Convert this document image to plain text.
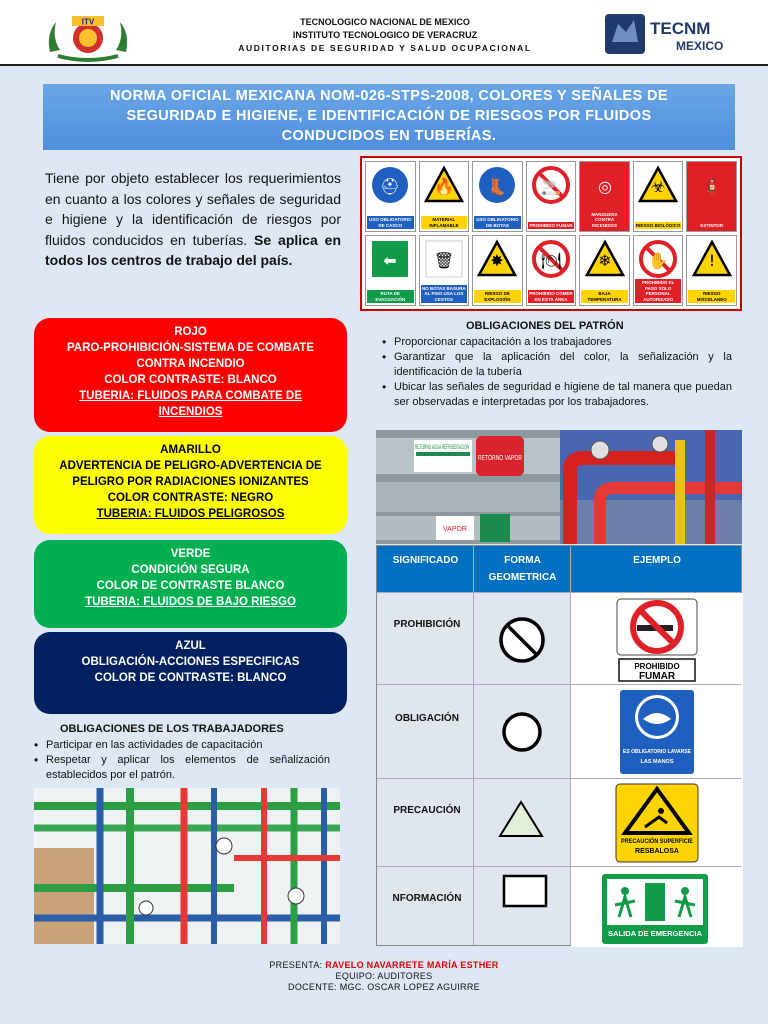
ITV	TECNOLOGICO NACIONAL DE MEXICO
INSTITUTO TECNOLOGICO DE VERACRUZ
AUDITORIAS DE SEGURIDAD Y SALUD OCUPACIONAL
TECNM
MEXICO
NORMA OFICIAL MEXICANA NOM-026-STPS-2008, COLORES Y SEÑALES DE
SEGURIDAD E HIGIENE, E IDENTIFICACIÓN DE RIESGOS POR FLUIDOS
CONDUCIDOS EN TUBERÍAS.
Tiene por objeto establecer los requerimientos en cuanto a los colores y señales de seguridad e higiene y la identificación de riesgos por fluidos conducidos en tuberías. Se aplica en todos los centros de trabajo del país.
⛑
USO OBLIGATORIO DE CASCO
🔥
MATERIAL INFLAMABLE
👢
USO OBLIGATORIO DE BOTAS
🚬
PROHIBIDO FUMAR
◎
MANGUERA CONTRA INCENDIOS
☣
RIESGO BIOLÓGICO
🧯
EXTINTOR
⬅
RUTA DE EVACUACIÓN
🗑
NO BOTAS BASURA AL PISO USA LOS CESTOS
✸
RIESGO DE EXPLOSIÓN
🍽
PROHIBIDO COMER EN ESTA ÁREA
❄
BAJA TEMPERATURA
✋
PROHIBIDO EL PASO SOLO PERSONAL AUTORIZADO
!
RIESGO MISCELANEO
ROJO
PARO-PROHIBICIÓN-SISTEMA DE COMBATE
CONTRA INCENDIO
COLOR CONTRASTE: BLANCO
TUBERIA: FLUIDOS PARA COMBATE DE
INCENDIOS
AMARILLO
ADVERTENCIA DE PELIGRO-ADVERTENCIA DE
PELIGRO POR RADIACIONES IONIZANTES
COLOR CONTRASTE: NEGRO
TUBERIA: FLUIDOS PELIGROSOS
VERDE
CONDICIÓN SEGURA
COLOR DE CONTRASTE BLANCO
TUBERIA: FLUIDOS DE BAJO RIESGO
AZUL
OBLIGACIÓN-ACCIONES ESPECIFICAS
COLOR DE CONTRASTE: BLANCO
OBLIGACIONES DEL PATRÓN
• Proporcionar capacitación a los trabajadores
• Garantizar que la aplicación del color, la señalización y la identificación de la tubería
• Ubicar las señales de seguridad e higiene de tal manera que puedan ser observadas e interpretadas por los trabajadores.
RETORNO AGUA REFRIGERACIÓN
RETORNO VAPOR
VAPOR
SIGNIFICADO	FORMA GEOMETRICA
EJEMPLO
PROHIBICIÓN
PROHIBIDO
FUMAR
OBLIGACIÓN
ES OBLIGATORIO LAVARSE
LAS MANOS
PRECAUCIÓN
PRECAUCIÓN SUPERFICIE
RESBALOSA
NFORMACIÓN
SALIDA DE EMERGENCIA
OBLIGACIONES DE LOS TRABAJADORES
• Participar en las actividades de capacitación
• Respetar y aplicar los elementos de señalización establecidos por el patrón.
PRESENTA: RAVELO NAVARRETE MARÍA ESTHER
EQUIPO: AUDITORES
DOCENTE: MGC. OSCAR LOPEZ AGUIRRE
